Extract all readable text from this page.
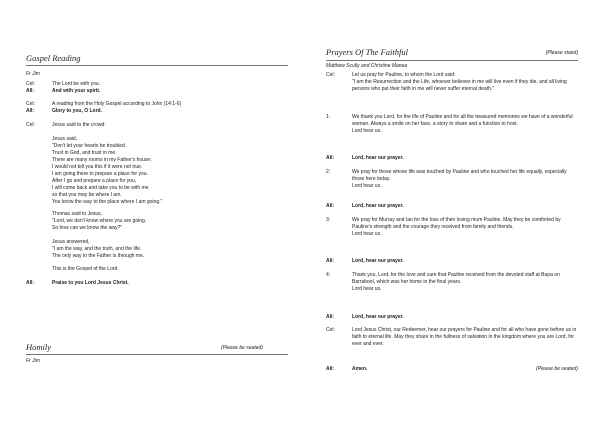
Gospel Reading
Fr Jim
Cel:	The Lord be with you.
All:	And with your spirit.
Cel:	A reading from the Holy Gospel according to John (14:1-6)
All:	Glory to you, O Lord.
Cel:	Jesus said to the crowd:
Jesus said,
"Don't let your hearts be troubled.
Trust in God, and trust in me.
There are many rooms in my Father's house;
I would not tell you this if it were not true.
I am going there to prepare a place for you.
After I go and prepare a place for you,
I will come back and take you to be with me
so that you may be where I am.
You know the way to the place where I am going."
Thomas said to Jesus,
"Lord, we don't know where you are going.
So how can we know the way?"
Jesus answered,
"I am the way, and the truth, and the life.
The only way to the Father is through me.
This is the Gospel of the Lord.
All:	Praise to you Lord Jesus Christ.
Homily	(Please be seated)
Fr Jim
Prayers Of The Faithful	(Please stand)
Matthew Scully and Christine Manea
Cel:	Let us pray for Pauline, to whom the Lord said:
"I am the Resurrection and the Life, whoever believes in me will live even if they die, and all living persons who put their faith in me will never suffer eternal death."
1:	We thank you Lord, for the life of Pauline and for all the treasured memories we have of a wonderful woman. Always a smile on her face, a story to share and a function to host.
Lord hear us.
All:	Lord, hear our prayer.
2:	We pray for those whose life was touched by Pauline and who touched her life equally, especially those here today.
Lord hear us.
All:	Lord, hear our prayer.
3:	We pray for Murray and Ian for the loss of their loving mum Pauline. May they be comforted by Pauline's strength and the courage they received from family and friends.
Lord hear us.
All:	Lord, hear our prayer.
4:	Thank you, Lord, for the love and care that Pauline received from the devoted staff at Bupa on Barrabool, which was her home in the final years.
Lord hear us.
All:	Lord, hear our prayer.
Cel:	Lord Jesus Christ, our Redeemer, hear our prayers for Pauline and for all who have gone before us in faith to eternal life. May they share in the fullness of salvation in the kingdom where you are Lord, for ever and ever.
All:	Amen.	(Please be seated)
